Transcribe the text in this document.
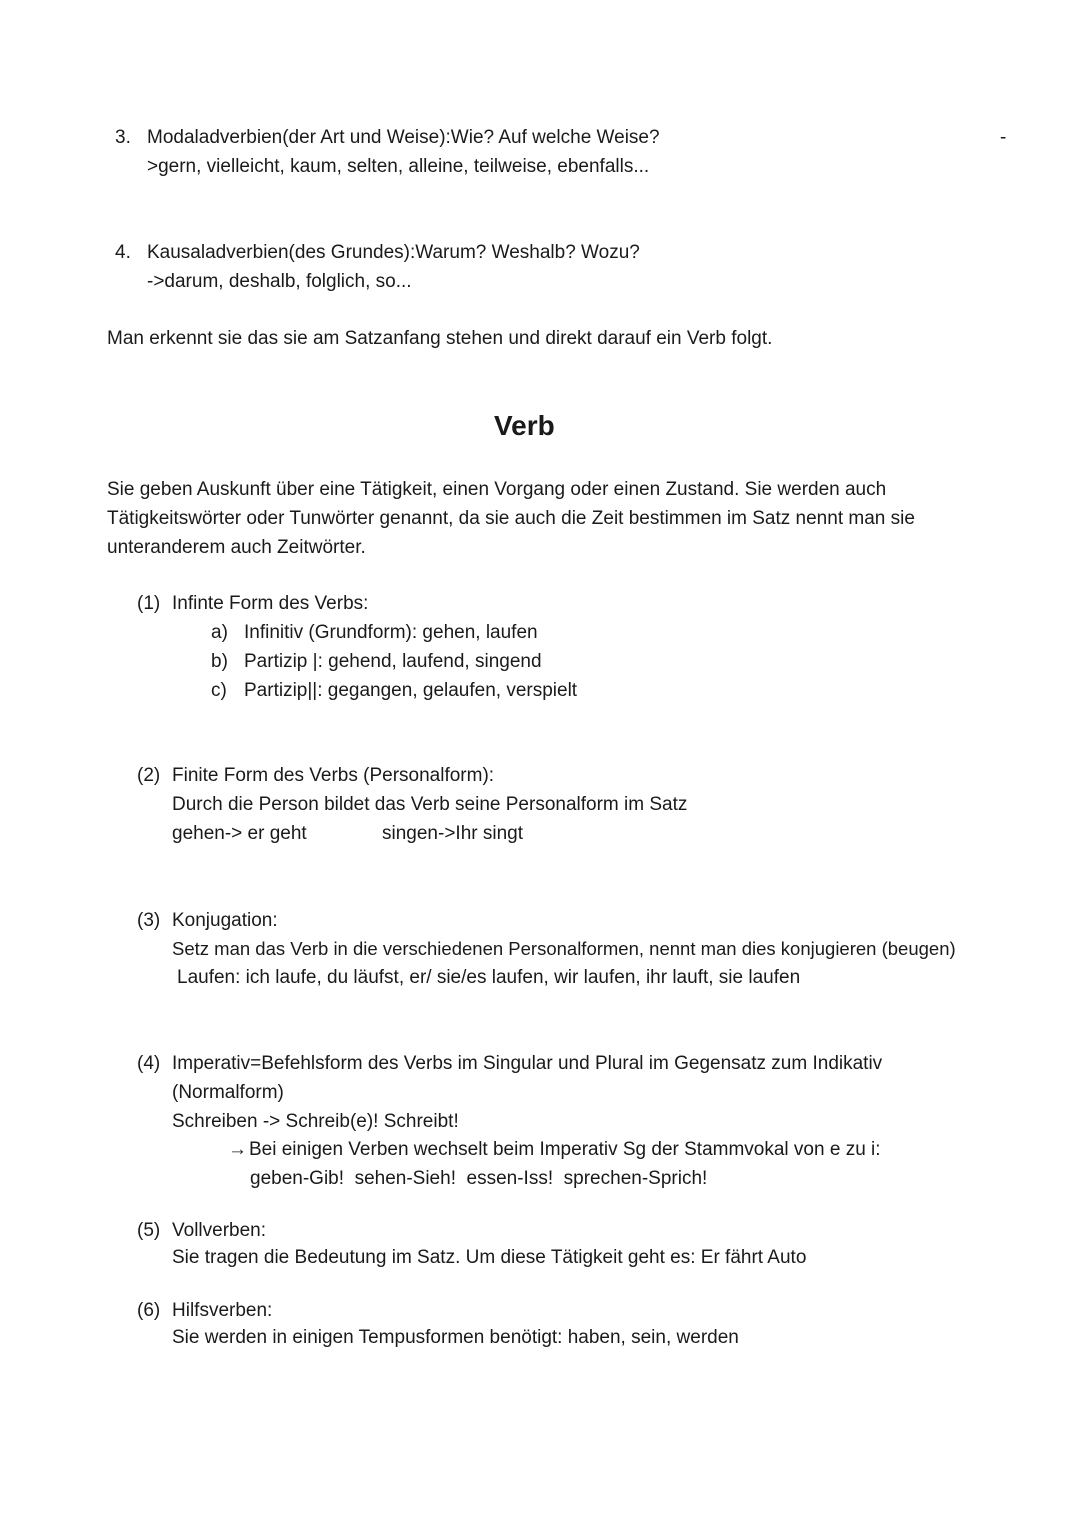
-
3. Modaladverbien(der Art und Weise):Wie? Auf welche Weise?
>gern, vielleicht, kaum, selten, alleine, teilweise, ebenfalls...
4. Kausaladverbien(des Grundes):Warum? Weshalb? Wozu?
->darum, deshalb, folglich, so...
Man erkennt sie das sie am Satzanfang stehen und direkt darauf ein Verb folgt.
Verb
Sie geben Auskunft über eine Tätigkeit, einen Vorgang oder einen Zustand. Sie werden auch
Tätigkeitswörter oder Tunwörter genannt, da sie auch die Zeit bestimmen im Satz nennt man sie
unteranderem auch Zeitwörter.
(1) Infinte Form des Verbs:
a) Infinitiv (Grundform): gehen, laufen
b) Partizip |: gehend, laufend, singend
c) Partizip||: gegangen, gelaufen, verspielt
(2) Finite Form des Verbs (Personalform):
Durch die Person bildet das Verb seine Personalform im Satz
gehen-> er geht	singen->Ihr singt
(3) Konjugation:
Setz man das Verb in die verschiedenen Personalformen, nennt man dies konjugieren (beugen)
Laufen: ich laufe, du läufst, er/ sie/es laufen, wir laufen, ihr lauft, sie laufen
(4) Imperativ=Befehlsform des Verbs im Singular und Plural im Gegensatz zum Indikativ
(Normalform)
Schreiben -> Schreib(e)! Schreibt!
→ Bei einigen Verben wechselt beim Imperativ Sg der Stammvokal von e zu i:
geben-Gib!  sehen-Sieh!  essen-Iss!  sprechen-Sprich!
(5) Vollverben:
Sie tragen die Bedeutung im Satz. Um diese Tätigkeit geht es: Er fährt Auto
(6) Hilfsverben:
Sie werden in einigen Tempusformen benötigt: haben, sein, werden
